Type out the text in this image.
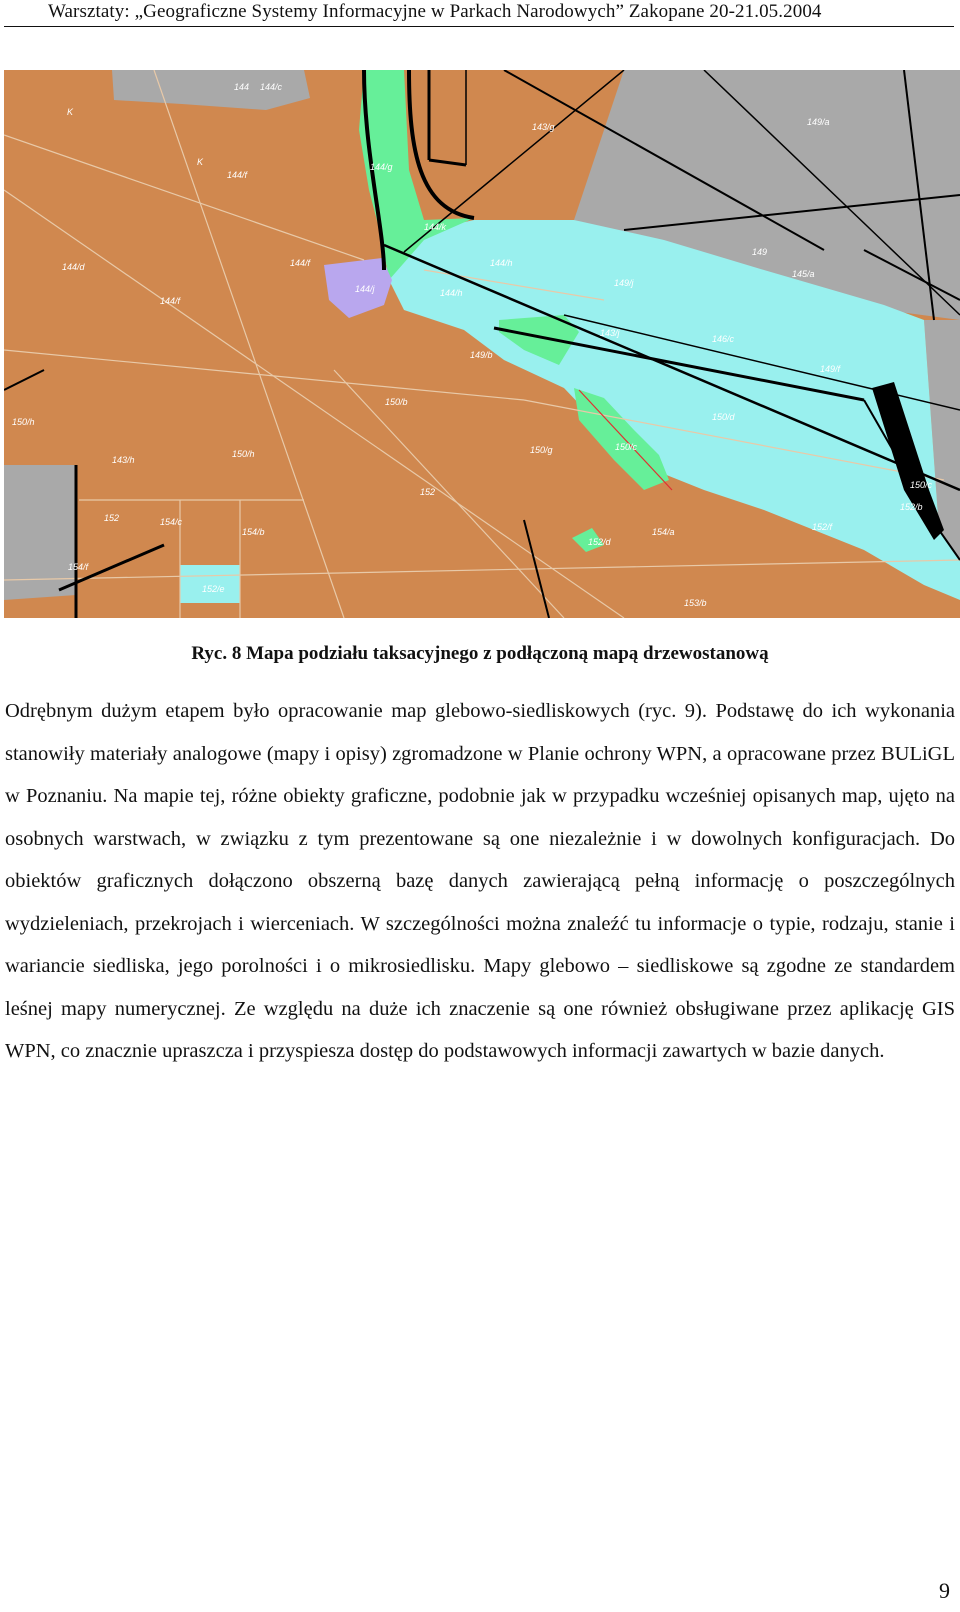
Warsztaty: „Geograficzne Systemy Informacyjne w Parkach Narodowych” Zakopane 20-21.05.2004
144 144/c
143/g	149/a
K
K
144/f
144/g
144/k
144/d	144/f	144/h
149/j
149
145/a
144/f
144/j	144/h
143/j
146/c
149/f
149/b
150/h
150/b
150/d
143/h
150/h	150/g	150/c
150/c
152/b
152
152	154/c
154/b	154/a
152/d
152/f
152/e
154/f
153/b
Ryc. 8 Mapa podziału taksacyjnego z podłączoną mapą drzewostanową

Odrębnym dużym etapem było opracowanie map glebowo-siedliskowych (ryc. 9). Podstawę do ich wykonania stanowiły materiały analogowe (mapy i opisy) zgromadzone w Planie ochrony WPN, a opracowane przez BULiGL w Poznaniu. Na mapie tej, różne obiekty graficzne, podobnie jak w przypadku wcześniej opisanych map, ujęto na osobnych warstwach, w związku z tym prezentowane są one niezależnie i w dowolnych konfiguracjach. Do obiektów graficznych dołączono obszerną bazę danych zawierającą pełną informację o poszczególnych wydzieleniach, przekrojach i wierceniach. W szczególności można znaleźć tu informacje o typie, rodzaju, stanie i wariancie siedliska, jego porolności i o mikrosiedlisku. Mapy glebowo – siedliskowe są zgodne ze standardem leśnej mapy numerycznej. Ze względu na duże ich znaczenie są one również obsługiwane przez aplikację GIS WPN, co znacznie upraszcza i przyspiesza dostęp do podstawowych informacji zawartych w bazie danych.

9
